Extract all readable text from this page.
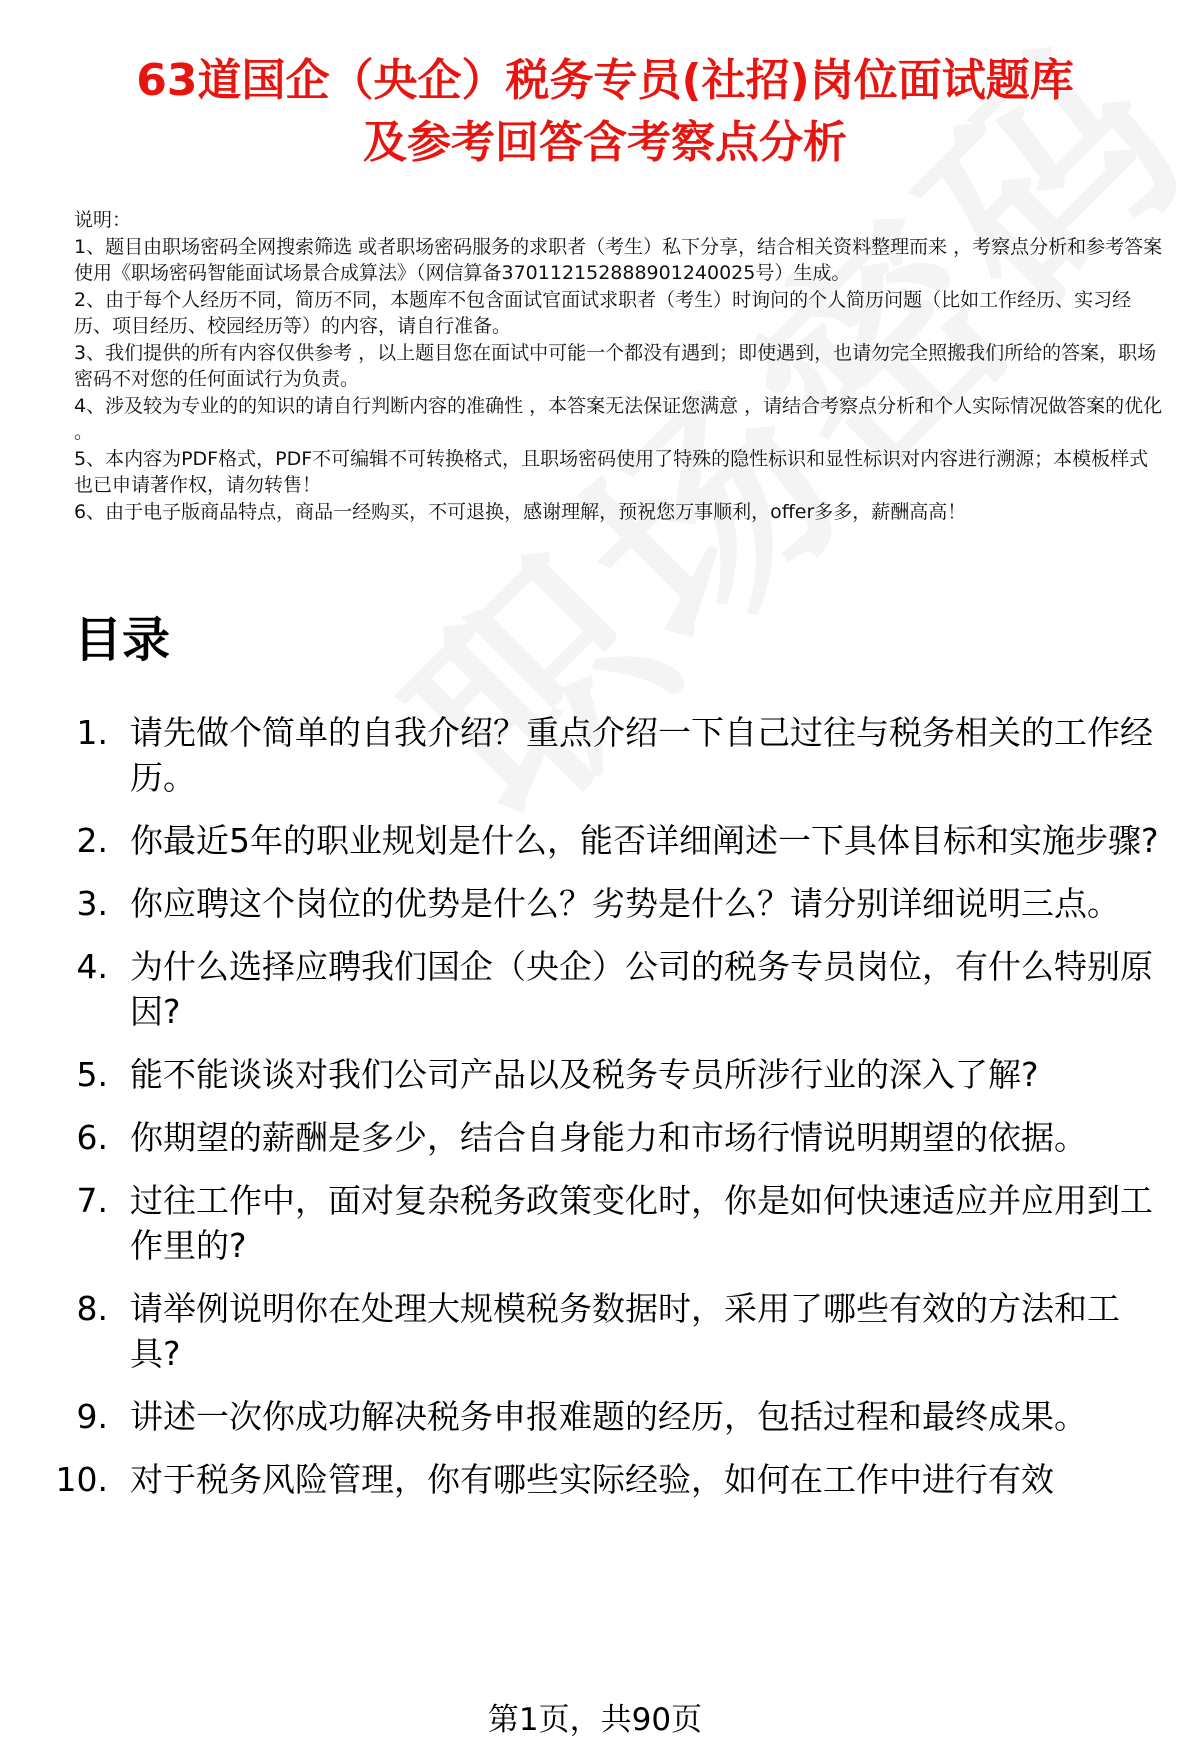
63道国企（央企）税务专员(社招)岗位面试题库
及参考回答含考察点分析

说明：

1、题目由职场密码全网搜索筛选 或者职场密码服务的求职者（考生）私下分享，结合相关资料整理而来 ，考察点分析和参考答案使用《职场密码智能面试场景合成算法》（网信算备370112152888901240025号）生成。

2、由于每个人经历不同，简历不同，本题库不包含面试官面试求职者（考生）时询问的个人简历问题（比如工作经历、实习经历、项目经历、校园经历等）的内容，请自行准备。

3、我们提供的所有内容仅供参考 ，以上题目您在面试中可能一个都没有遇到；即使遇到，也请勿完全照搬我们所给的答案，职场密码不对您的任何面试行为负责。

4、涉及较为专业的的知识的请自行判断内容的准确性 ，本答案无法保证您满意 ，请结合考察点分析和个人实际情况做答案的优化 。

5、本内容为PDF格式，PDF不可编辑不可转换格式，且职场密码使用了特殊的隐性标识和显性标识对内容进行溯源；本模板样式也已申请著作权，请勿转售！

6、由于电子版商品特点，商品一经购买，不可退换，感谢理解，预祝您万事顺利，offer多多，薪酬高高！

目录
1. 请先做个简单的自我介绍？重点介绍一下自己过往与税务相关的工作经历。
2. 你最近5年的职业规划是什么，能否详细阐述一下具体目标和实施步骤?
3. 你应聘这个岗位的优势是什么？劣势是什么？请分别详细说明三点。
4. 为什么选择应聘我们国企（央企）公司的税务专员岗位，有什么特别原因?
5. 能不能谈谈对我们公司产品以及税务专员所涉行业的深入了解?
6. 你期望的薪酬是多少，结合自身能力和市场行情说明期望的依据。
7. 过往工作中，面对复杂税务政策变化时，你是如何快速适应并应用到工作里的?
8. 请举例说明你在处理大规模税务数据时，采用了哪些有效的方法和工具?
9. 讲述一次你成功解决税务申报难题的经历，包括过程和最终成果。
10. 对于税务风险管理，你有哪些实际经验，如何在工作中进行有效
第1页，共90页
